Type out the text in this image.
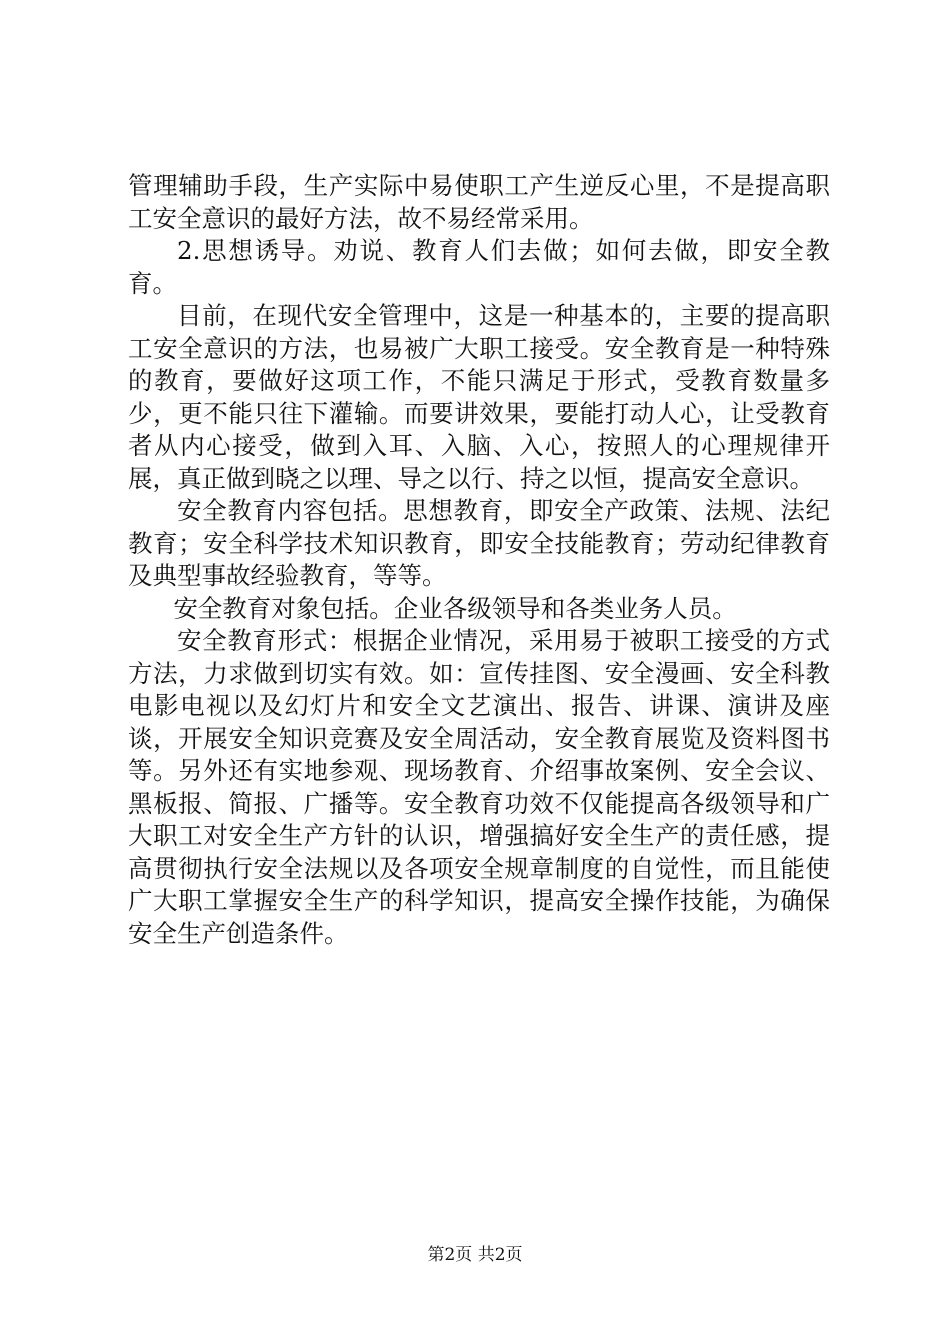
管理辅助手段，生产实际中易使职工产生逆反心里，不是提高职工安全意识的最好方法，故不易经常采用。

2.思想诱导。劝说、教育人们去做；如何去做，即安全教育。

目前，在现代安全管理中，这是一种基本的，主要的提高职工安全意识的方法，也易被广大职工接受。安全教育是一种特殊的教育，要做好这项工作，不能只满足于形式，受教育数量多少，更不能只往下灌输。而要讲效果，要能打动人心，让受教育者从内心接受，做到入耳、入脑、入心，按照人的心理规律开展，真正做到晓之以理、导之以行、持之以恒，提高安全意识。

安全教育内容包括。思想教育，即安全产政策、法规、法纪教育；安全科学技术知识教育，即安全技能教育；劳动纪律教育及典型事故经验教育，等等。

安全教育对象包括。企业各级领导和各类业务人员。

安全教育形式：根据企业情况，采用易于被职工接受的方式方法，力求做到切实有效。如：宣传挂图、安全漫画、安全科教电影电视以及幻灯片和安全文艺演出、报告、讲课、演讲及座谈，开展安全知识竞赛及安全周活动，安全教育展览及资料图书等。另外还有实地参观、现场教育、介绍事故案例、安全会议、黑板报、简报、广播等。安全教育功效不仅能提高各级领导和广大职工对安全生产方针的认识，增强搞好安全生产的责任感，提高贯彻执行安全法规以及各项安全规章制度的自觉性，而且能使广大职工掌握安全生产的科学知识，提高安全操作技能，为确保安全生产创造条件。

第2页 共2页
